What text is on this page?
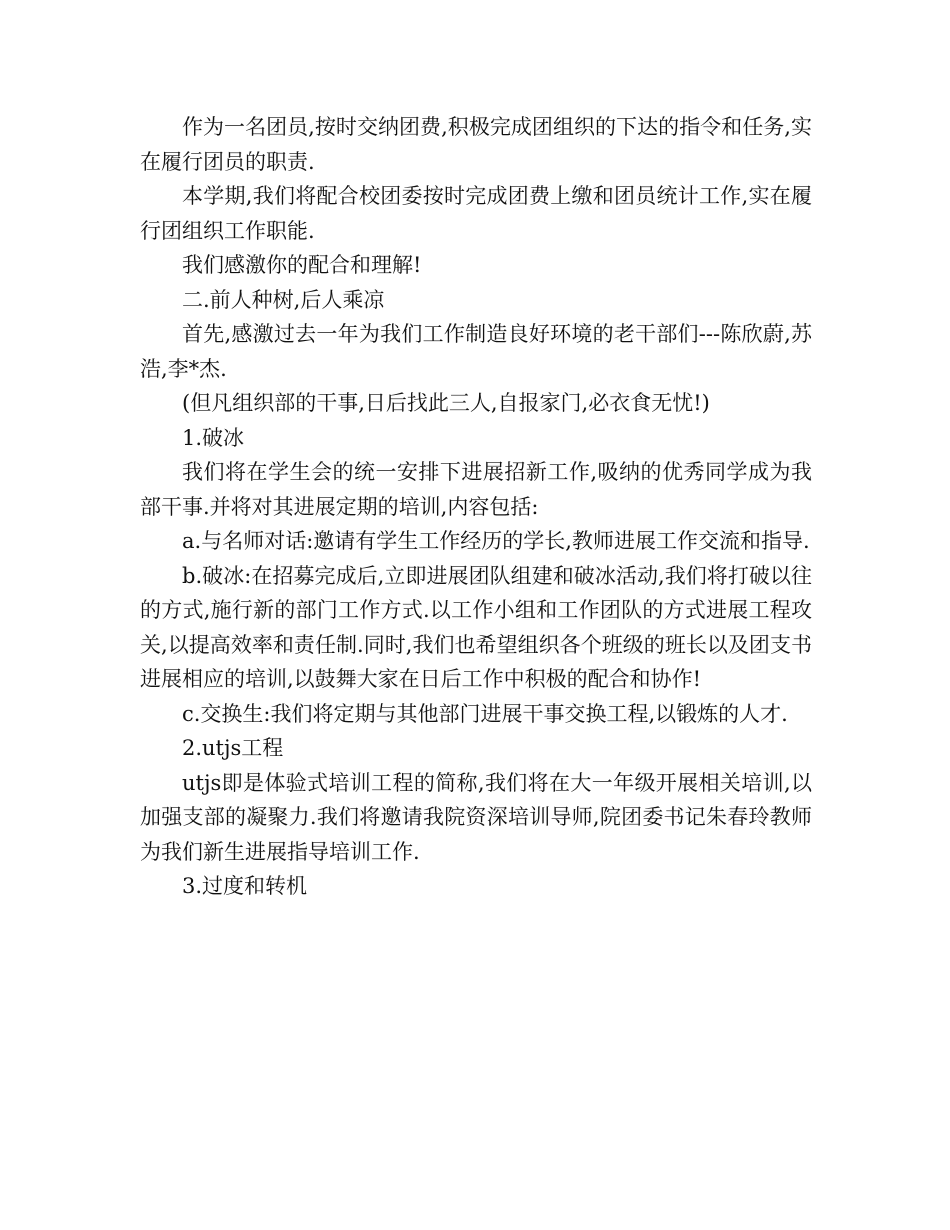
作为一名团员,按时交纳团费,积极完成团组织的下达的指令和任务,实在履行团员的职责.

本学期,我们将配合校团委按时完成团费上缴和团员统计工作,实在履行团组织工作职能.

我们感激你的配合和理解!

二.前人种树,后人乘凉

首先,感激过去一年为我们工作制造良好环境的老干部们---陈欣蔚,苏浩,李*杰.

(但凡组织部的干事,日后找此三人,自报家门,必衣食无忧!)

1.破冰

我们将在学生会的统一安排下进展招新工作,吸纳的优秀同学成为我部干事.并将对其进展定期的培训,内容包括:

a.与名师对话:邀请有学生工作经历的学长,教师进展工作交流和指导.

b.破冰:在招募完成后,立即进展团队组建和破冰活动,我们将打破以往的方式,施行新的部门工作方式.以工作小组和工作团队的方式进展工程攻关,以提高效率和责任制.同时,我们也希望组织各个班级的班长以及团支书进展相应的培训,以鼓舞大家在日后工作中积极的配合和协作!

c.交换生:我们将定期与其他部门进展干事交换工程,以锻炼的人才.

2.utjs工程

utjs即是体验式培训工程的简称,我们将在大一年级开展相关培训,以加强支部的凝聚力.我们将邀请我院资深培训导师,院团委书记朱春玲教师为我们新生进展指导培训工作.

3.过度和转机
